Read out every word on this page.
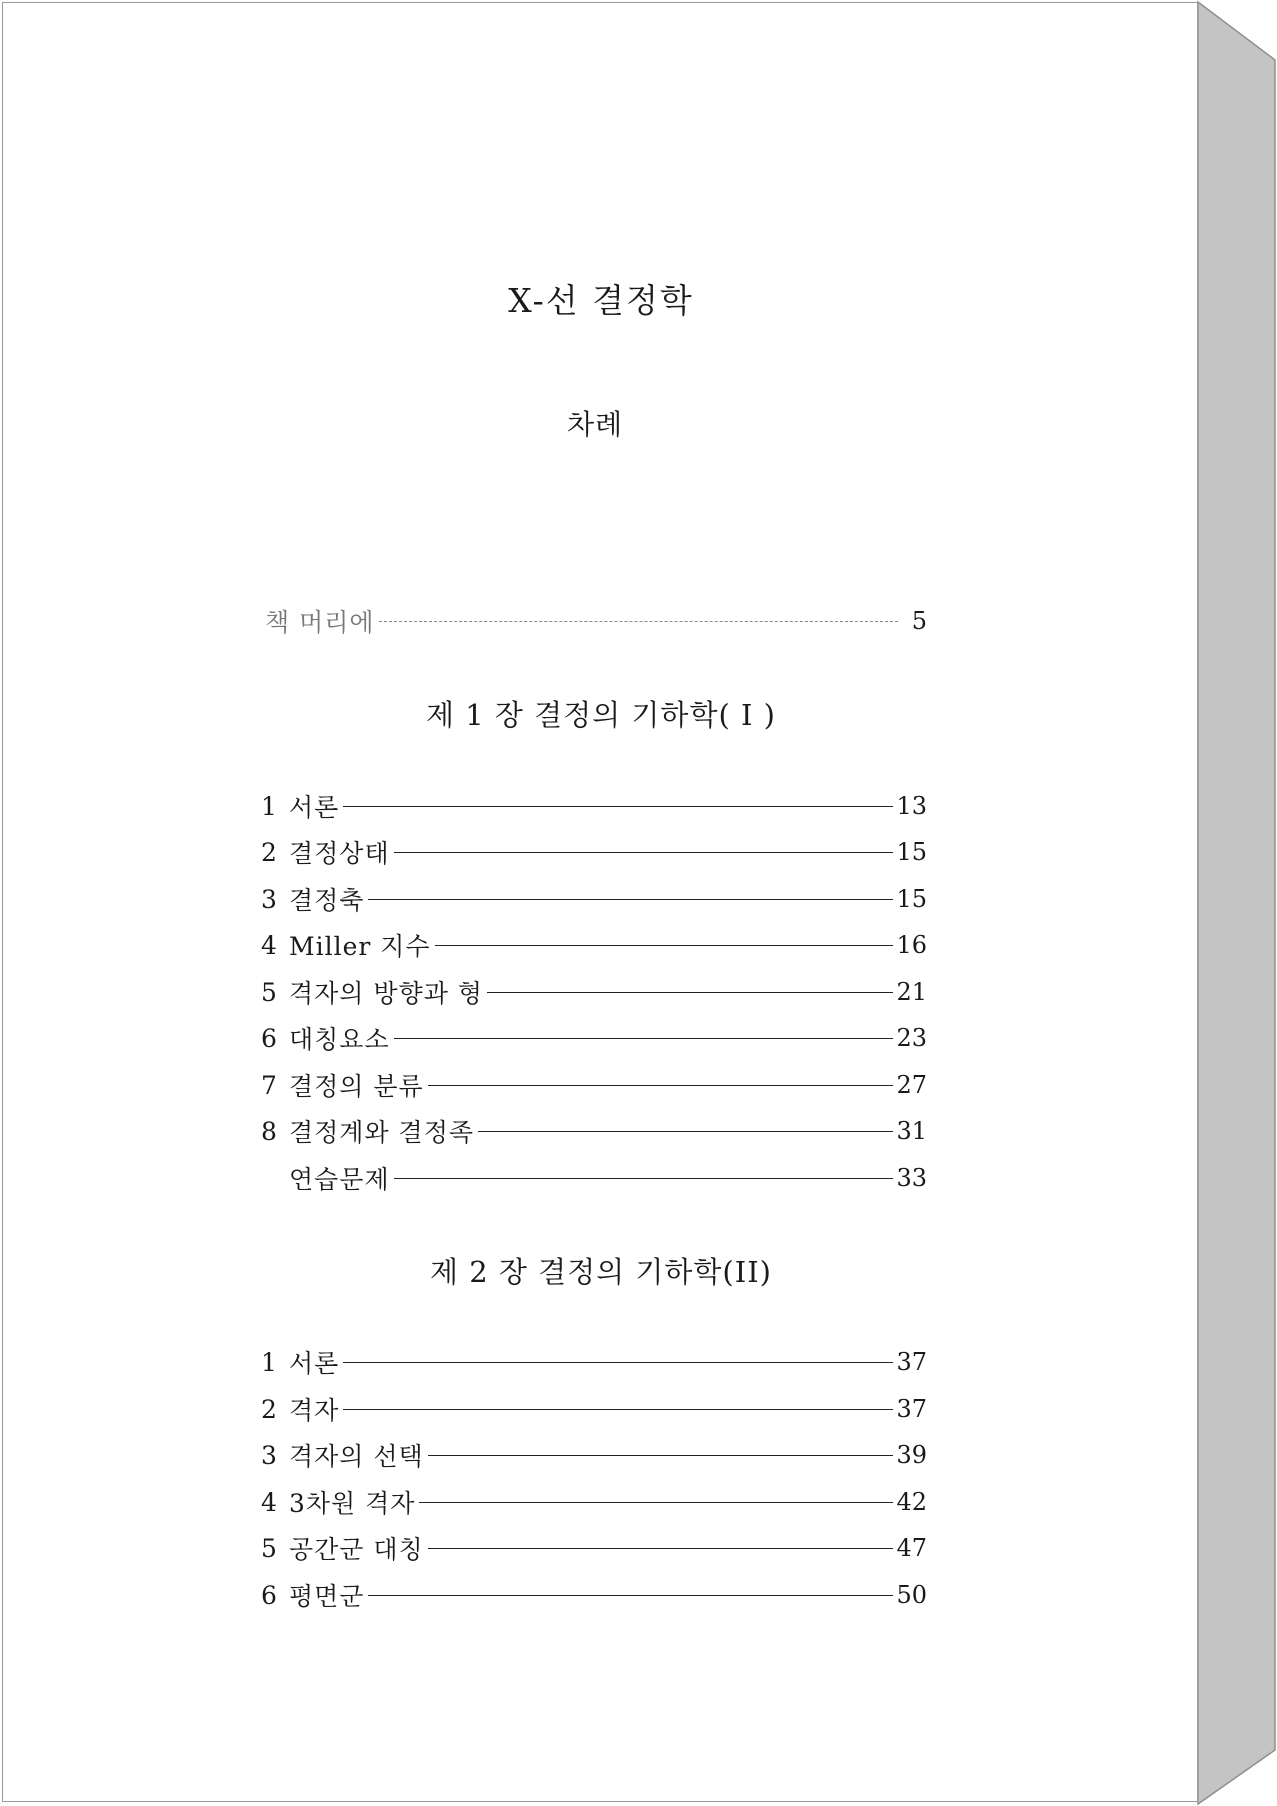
X-선 결정학
차례
책 머리에	5
제 1 장 결정의 기하학( I )
1 서론	13
2 결정상태	15
3 결정축	15
4 Miller 지수	16
5 격자의 방향과 형	21
6 대칭요소	23
7 결정의 분류	27
8 결정계와 결정족	31
연습문제	33
제 2 장 결정의 기하학(II)
1 서론	37
2 격자	37
3 격자의 선택	39
4 3차원 격자	42
5 공간군 대칭	47
6 평면군	50
